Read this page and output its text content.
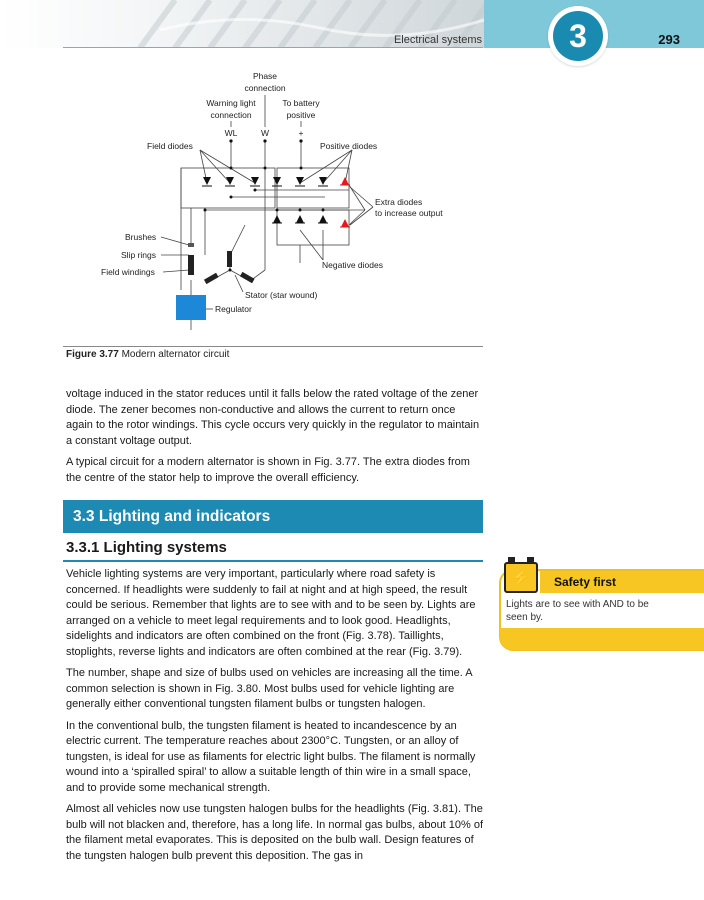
Electrical systems	3	293
Phase
connection
Warning light
connection
To battery
positive
WL	W	+
Field diodes	Positive diodes
Extra diodes
to increase output
Brushes
Slip rings
Field windings
Negative diodes
Stator (star wound)
Regulator
Figure 3.77 Modern alternator circuit

voltage induced in the stator reduces until it falls below the rated voltage of the zener diode. The zener becomes non-conductive and allows the current to return once again to the rotor windings. This cycle occurs very quickly in the regulator to maintain a constant voltage output.

A typical circuit for a modern alternator is shown in Fig. 3.77. The extra diodes from the centre of the stator help to improve the overall efficiency.

3.3 Lighting and indicators
3.3.1 Lighting systems

Vehicle lighting systems are very important, particularly where road safety is concerned. If headlights were suddenly to fail at night and at high speed, the result could be serious. Remember that lights are to see with and to be seen by. Lights are arranged on a vehicle to meet legal requirements and to look good. Headlights, sidelights and indicators are often combined on the front (Fig. 3.78). Taillights, stoplights, reverse lights and indicators are often combined at the rear (Fig. 3.79).

The number, shape and size of bulbs used on vehicles are increasing all the time. A common selection is shown in Fig. 3.80. Most bulbs used for vehicle lighting are generally either conventional tungsten filament bulbs or tungsten halogen.

In the conventional bulb, the tungsten filament is heated to incandescence by an electric current. The temperature reaches about 2300°C. Tungsten, or an alloy of tungsten, is ideal for use as filaments for electric light bulbs. The filament is normally wound into a ‘spiralled spiral’ to allow a suitable length of thin wire in a small space, and to provide some mechanical strength.

Almost all vehicles now use tungsten halogen bulbs for the headlights (Fig. 3.81). The bulb will not blacken and, therefore, has a long life. In normal gas bulbs, about 10% of the filament metal evaporates. This is deposited on the bulb wall. Design features of the tungsten halogen bulb prevent this deposition. The gas in

⚡	Safety first
Lights are to see with AND to be seen by.
